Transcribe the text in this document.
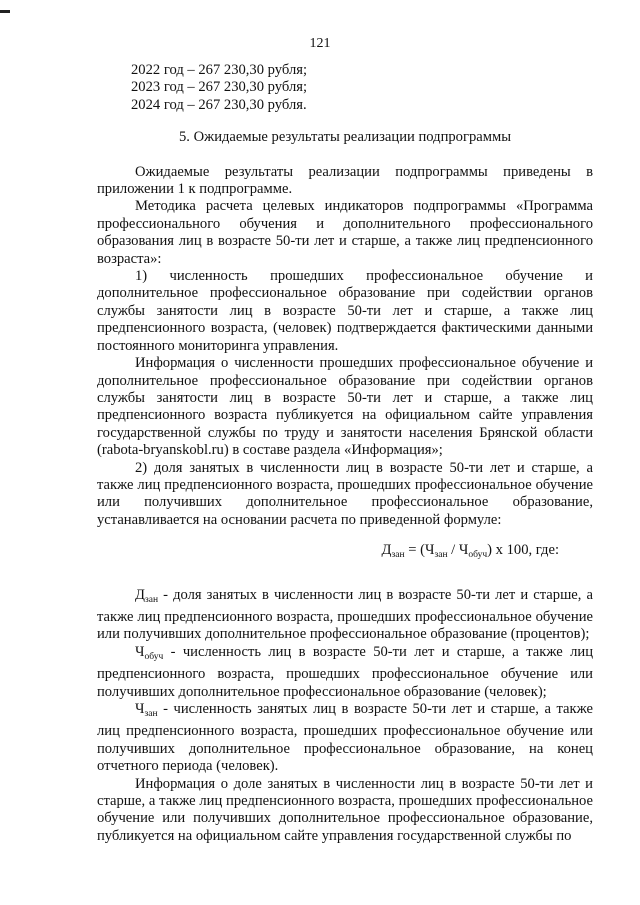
121

2022 год – 267 230,30 рубля;

2023 год – 267 230,30 рубля;

2024 год – 267 230,30 рубля.

5. Ожидаемые результаты реализации подпрограммы

Ожидаемые результаты реализации подпрограммы приведены в приложении 1 к подпрограмме.

Методика расчета целевых индикаторов подпрограммы «Программа профессионального обучения и дополнительного профессионального образования лиц в возрасте 50-ти лет и старше, а также лиц предпенсионного возраста»:

1) численность прошедших профессиональное обучение и дополнительное профессиональное образование при содействии органов службы занятости лиц в возрасте 50-ти лет и старше, а также лиц предпенсионного возраста, (человек) подтверждается фактическими данными постоянного мониторинга управления.

Информация о численности прошедших профессиональное обучение и дополнительное профессиональное образование при содействии органов службы занятости лиц в возрасте 50-ти лет и старше, а также лиц предпенсионного возраста публикуется на официальном сайте управления государственной службы по труду и занятости населения Брянской области (rabota-bryanskobl.ru) в составе раздела «Информация»;

2) доля занятых в численности лиц в возрасте 50-ти лет и старше, а также лиц предпенсионного возраста, прошедших профессиональное обучение или получивших дополнительное профессиональное образование, устанавливается на основании расчета по приведенной формуле:

$Д_{зан} = (Ч_{зан} / Ч_{обуч})$ х 100, где:

$Д_{зан}$ - доля занятых в численности лиц в возрасте 50-ти лет и старше, а также лиц предпенсионного возраста, прошедших профессиональное обучение или получивших дополнительное профессиональное образование (процентов);

$Ч_{обуч}$ - численность лиц в возрасте 50-ти лет и старше, а также лиц предпенсионного возраста, прошедших профессиональное обучение или получивших дополнительное профессиональное образование (человек);

$Ч_{зан}$ - численность занятых лиц в возрасте 50-ти лет и старше, а также лиц предпенсионного возраста, прошедших профессиональное обучение или получивших дополнительное профессиональное образование, на конец отчетного периода (человек).

Информация о доле занятых в численности лиц в возрасте 50-ти лет и старше, а также лиц предпенсионного возраста, прошедших профессиональное обучение или получивших дополнительное профессиональное образование, публикуется на официальном сайте управления государственной службы по
